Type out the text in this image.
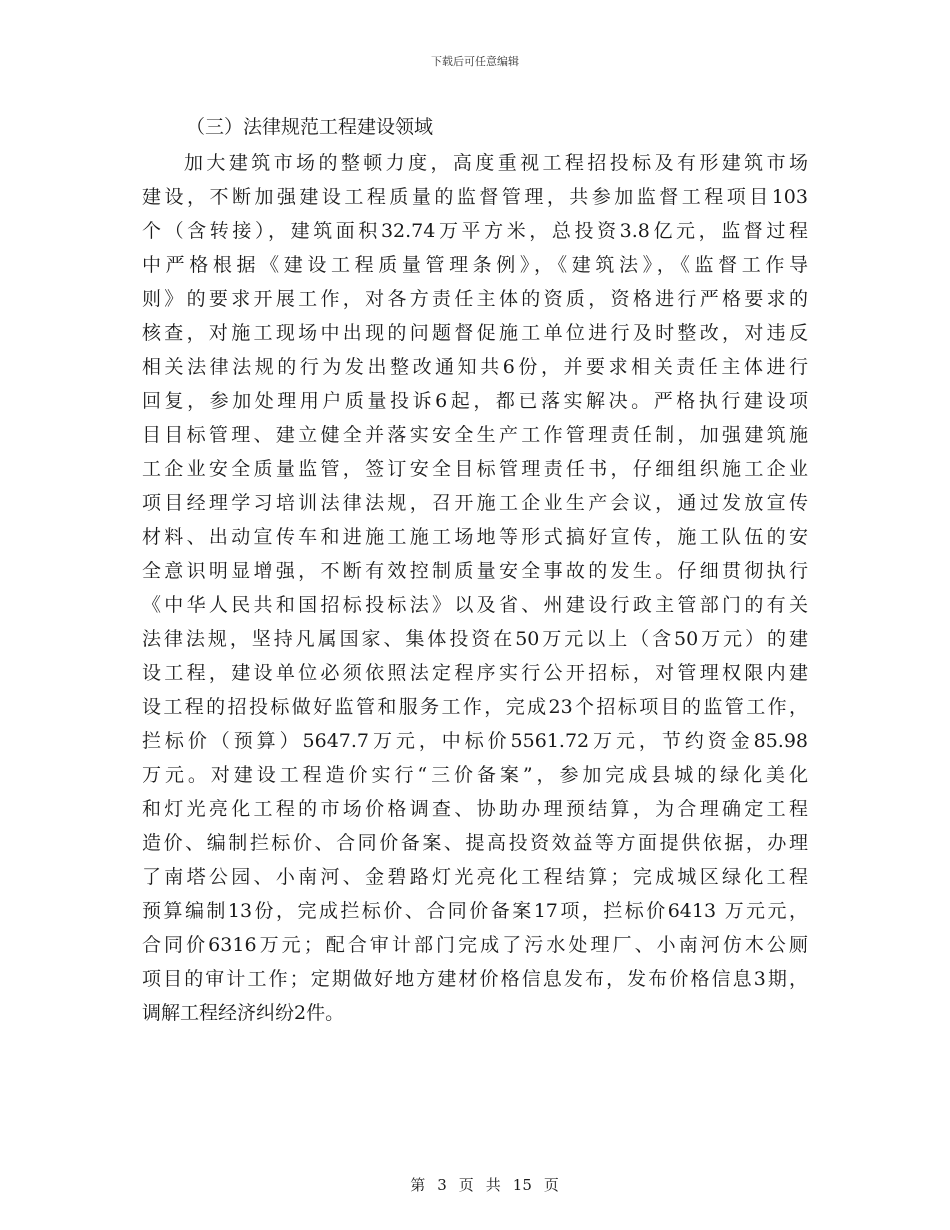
下载后可任意编辑
（三）法律规范工程建设领域
加大建筑市场的整顿力度，高度重视工程招投标及有形建筑市场
建设，不断加强建设工程质量的监督管理，共参加监督工程项目103
个（含转接），建筑面积32.74万平方米，总投资3.8亿元，监督过程
中严格根据《建设工程质量管理条例》，《建筑法》，《监督工作导
则》的要求开展工作，对各方责任主体的资质，资格进行严格要求的
核查，对施工现场中出现的问题督促施工单位进行及时整改，对违反
相关法律法规的行为发出整改通知共6份，并要求相关责任主体进行
回复，参加处理用户质量投诉6起，都已落实解决。严格执行建设项
目目标管理、建立健全并落实安全生产工作管理责任制，加强建筑施
工企业安全质量监管，签订安全目标管理责任书，仔细组织施工企业
项目经理学习培训法律法规，召开施工企业生产会议，通过发放宣传
材料、出动宣传车和进施工施工场地等形式搞好宣传，施工队伍的安
全意识明显增强，不断有效控制质量安全事故的发生。仔细贯彻执行
《中华人民共和国招标投标法》以及省、州建设行政主管部门的有关
法律法规，坚持凡属国家、集体投资在50万元以上（含50万元）的建
设工程，建设单位必须依照法定程序实行公开招标，对管理权限内建
设工程的招投标做好监管和服务工作，完成23个招标项目的监管工作，
拦标价（预算）5647.7万元，中标价5561.72万元，节约资金85.98
万元。对建设工程造价实行“三价备案”，参加完成县城的绿化美化
和灯光亮化工程的市场价格调查、协助办理预结算，为合理确定工程
造价、编制拦标价、合同价备案、提高投资效益等方面提供依据，办理
了南塔公园、小南河、金碧路灯光亮化工程结算；完成城区绿化工程
预算编制13份，完成拦标价、合同价备案17项，拦标价6413 万元元，
合同价6316万元；配合审计部门完成了污水处理厂、小南河仿木公厕
项目的审计工作；定期做好地方建材价格信息发布，发布价格信息3期，
调解工程经济纠纷2件。

第 3 页 共 15 页
